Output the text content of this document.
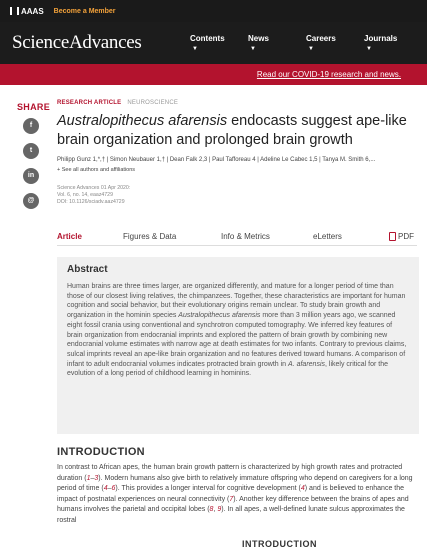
AAAS Become a Member
ScienceAdvances	Contents▼
News▼
Careers▼
Journals▼
Read our COVID-19 research and news.
SHARE
f
t
in
@
RESEARCH ARTICLE NEUROSCIENCE
Australopithecus afarensis endocasts suggest ape-like brain organization and prolonged brain growth
Philipp Gunz 1,*,† | Simon Neubauer 1,† | Dean Falk 2,3 | Paul Tafforeau 4 | Adeline Le Cabec 1,5 | Tanya M. Smith 6,...
+ See all authors and affiliations
Science Advances 01 Apr 2020:
Vol. 6, no. 14, eaaz4729
DOI: 10.1126/sciadv.aaz4729
Article	Figures & Data	Info & Metrics	eLetters	PDF
Abstract

Human brains are three times larger, are organized differently, and mature for a longer period of time than those of our closest living relatives, the chimpanzees. Together, these characteristics are important for human cognition and social behavior, but their evolutionary origins remain unclear. To study brain growth and organization in the hominin species Australopithecus afarensis more than 3 million years ago, we scanned eight fossil crania using conventional and synchrotron computed tomography. We inferred key features of brain organization from endocranial imprints and explored the pattern of brain growth by combining new endocranial volume estimates with narrow age at death estimates for two infants. Contrary to previous claims, sulcal imprints reveal an ape-like brain organization and no features derived toward humans. A comparison of infant to adult endocranial volumes indicates protracted brain growth in A. afarensis, likely critical for the evolution of a long period of childhood learning in hominins.

INTRODUCTION
In contrast to African apes, the human brain growth pattern is characterized by high growth rates and protracted duration (1–3). Modern humans also give birth to relatively immature offspring who depend on caregivers for a long period of time (4–6). This provides a longer interval for cognitive development (4) and is believed to enhance the impact of postnatal experiences on neural connectivity (7). Another key difference between the brains of apes and humans involves the parietal and occipital lobes (8, 9). In all apes, a well-defined lunate sulcus approximates the rostral
INTRODUCTION
